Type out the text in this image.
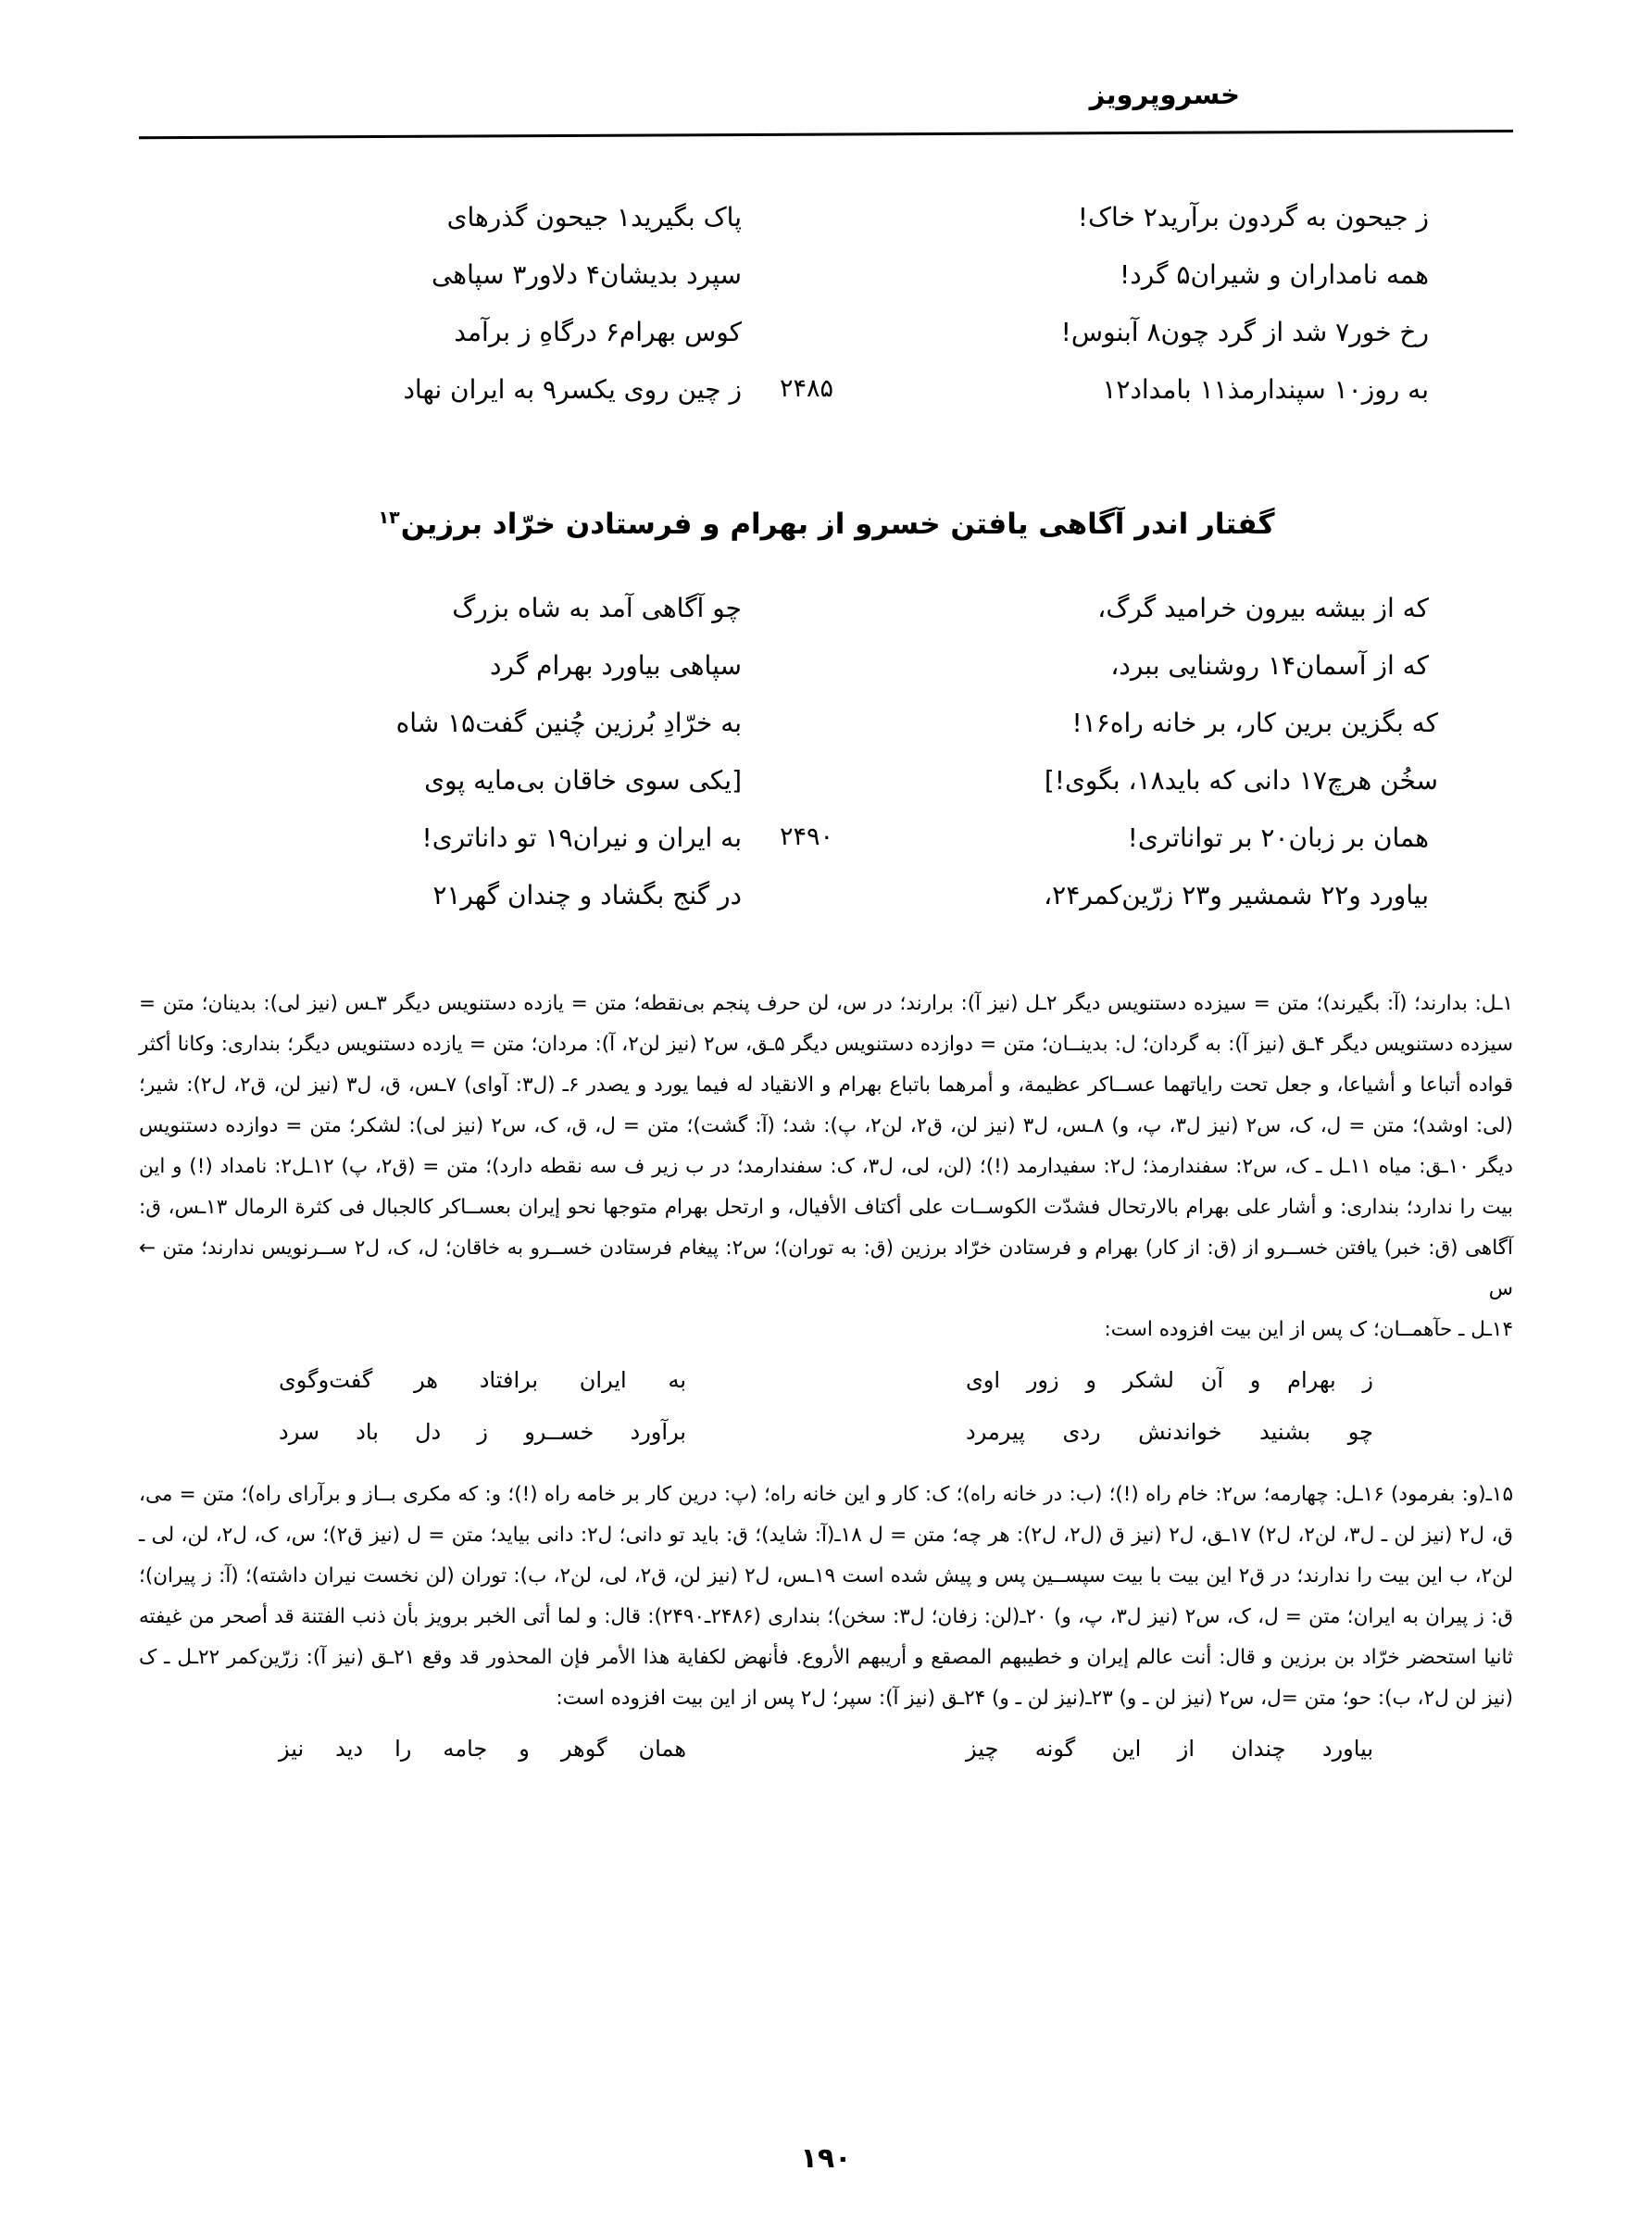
خسروپرویز
ز جیحون به گردون برآرید۲ خاک!
پاک بگیرید۱ جیحون گذرهای
همه نامداران و شیران۵ گرد!
سپرد بدیشان۴ دلاور۳ سپاهی
رخ خور۷ شد از گرد چون۸ آبنوس!
کوس بهرام۶ درگاهِ ز برآمد
به روز۱۰ سپندارمذ۱۱ بامداد۱۲
۲۴۸۵
ز چین روی یکسر۹ به ایران نهاد
گفتار اندر آگاهی یافتن خسرو از بهرام و فرستادن خرّاد برزین$^{۱۳}$
که از بیشه بیرون خرامید گرگ،
چو آگاهی آمد به شاه بزرگ
که از آسمان۱۴ روشنایی ببرد،
سپاهی بیاورد بهرام گرد
که بگزین برین کار، بر خانه راه۱۶!
به خرّادِ بُرزین چُنین گفت۱۵ شاه
سخُن هرچ۱۷ دانی که باید۱۸، بگوی!]
[یکی سوی خاقان بی‌مایه پوی
همان بر زبان۲۰ بر تواناتری!
۲۴۹۰
به ایران و نیران۱۹ تو داناتری!
بیاورد و۲۲ شمشیر و۲۳ زرّین‌کمر۲۴،
در گنج بگشاد و چندان گهر۲۱

۱ـل: بدارند؛ (آ: بگیرند)؛ متن = سیزده دستنویس دیگر ۲ـل (نیز آ): برارند؛ در س، لن حرف پنجم بی‌نقطه؛ متن = یازده دستنویس دیگر ۳ـس (نیز لی): بدینان؛ متن = سیزده دستنویس دیگر ۴ـق (نیز آ): به گردان؛ ل: بدینــان؛ متن = دوازده دستنویس دیگر ۵ـق، س۲ (نیز لن۲، آ): مردان؛ متن = یازده دستنویس دیگر؛ بنداری: وكانا أكثر قواده أتباعا و أشیاعا، و جعل تحت رایاتهما عســاكر عظیمة، و أمرهما باتباع بهرام و الانقیاد له فیما یورد و یصدر ۶ـ (ل۳: آوای) ۷ـس، ق، ل۳ (نیز لن، ق۲، ل۲): شیر؛ (لی: اوشد)؛ متن = ل، ک، س۲ (نیز ل۳، پ، و) ۸ـس، ل۳ (نیز لن، ق۲، لن۲، پ): شد؛ (آ: گشت)؛ متن = ل، ق، ک، س۲ (نیز لی): لشكر؛ متن = دوازده دستنویس دیگر ۱۰ـق: میاه ۱۱ـل ـ ک، س۲: سفندارمذ؛ ل۲: سفیدارمد (!)؛ (لن، لی، ل۳، ک: سفندارمد؛ در ب زیر ف سه نقطه دارد)؛ متن = (ق۲، پ) ۱۲ـل۲: نامداد (!) و این بیت را ندارد؛ بنداری: و أشار علی بهرام بالارتحال فشدّت الكوســات علی أكتاف الأفیال، و ارتحل بهرام متوجها نحو إیران بعســاكر كالجبال فی كثرة الرمال ۱۳ـس، ق: آگاهی (ق: خبر) یافتن خســرو از (ق: از كار) بهرام و فرستادن خرّاد برزین (ق: به توران)؛ س۲: پیغام فرستادن خســرو به خاقان؛ ل، ک، ل۲ ســرنویس ندارند؛ متن ← س

۱۴ـل ـ حآ‌همــان؛ ک پس از این بیت افزوده است:

ز بهرام و آن لشكر و زور اوی
به ایران برافتاد هر گفت‌وگوی
چو بشنید خواندنش ردی پیرمرد
برآورد خســرو ز دل باد سرد

۱۵ـ(و: بفرمود) ۱۶ـل: چهارمه؛ س۲: خام راه (!)؛ (ب: در خانه راه)؛ ک: کار و این خانه راه؛ (پ: درین کار بر خامه راه (!)؛ و: که مكری بــاز و برآرای راه)؛ متن = می، ق، ل۲ (نیز لن ـ ل۳، لن۲، ل۲) ۱۷ـق، ل۲ (نیز ق (ل۲، ل۲): هر چه؛ متن = ل ۱۸ـ(آ: شاید)؛ ق: باید تو دانی؛ ل۲: دانی بیاید؛ متن = ل (نیز ق۲)؛ س، ک، ل۲، لن، لی ـ لن۲، ب این بیت را ندارند؛ در ق۲ این بیت با بیت سپســین پس و پیش شده است ۱۹ـس، ل۲ (نیز لن، ق۲، لی، لن۲، ب): توران (لن نخست نیران داشته)؛ (آ: ز پیران)؛ ق: ز پیران به ایران؛ متن = ل، ک، س۲ (نیز ل۳، پ، و) ۲۰ـ(لن: زفان؛ ل۳: سخن)؛ بنداری (۲۴۸۶ـ۲۴۹۰): قال: و لما أتی الخبر برویز بأن ذنب الفتنة قد أصحر من غیفته ثانیا استحضر خرّاد بن برزین و قال: أنت عالم إیران و خطیبهم المصقع و أریبهم الأروع. فأنهض لكفایة هذا الأمر فإن المحذور قد وقع ۲۱ـق (نیز آ): زرّین‌کمر ۲۲ـل ـ ک (نیز لن ل۲، ب): حو؛ متن =ل، س۲ (نیز لن ـ و) ۲۳ـ(نیز لن ـ و) ۲۴ـق (نیز آ): سپر؛ ل۲ پس از این بیت افزوده است:

بیاورد چندان از این گونه چیز
همان گوهر و جامه را دید نیز
۱۹۰
